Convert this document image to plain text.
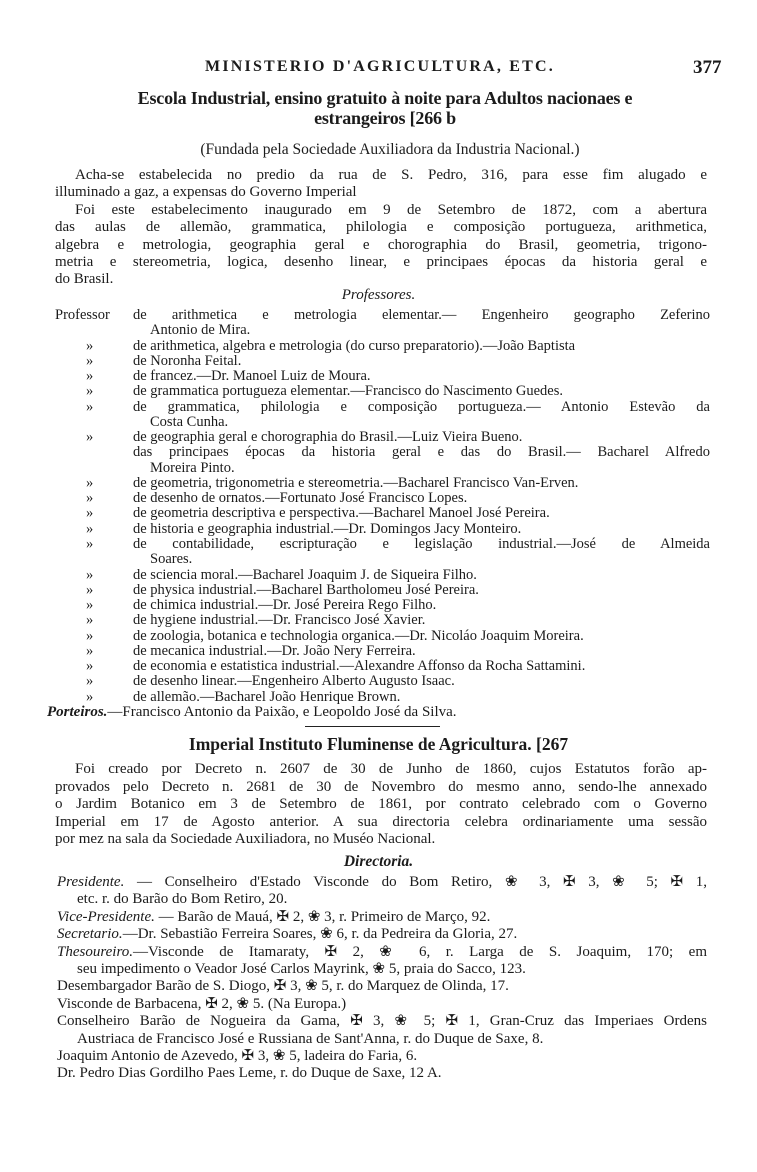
MINISTERIO D'AGRICULTURA, ETC.	377
Escola Industrial, ensino gratuito à noite para Adultos nacionaes e
estrangeiros [266 b
(Fundada pela Sociedade Auxiliadora da Industria Nacional.)
Acha-se estabelecida no predio da rua de S. Pedro, 316, para esse fim alugado e
illuminado a gaz, a expensas do Governo Imperial
Foi este estabelecimento inaugurado em 9 de Setembro de 1872, com a abertura
das aulas de allemão, grammatica, philologia e composição portugueza, arithmetica,
algebra e metrologia, geographia geral e chorographia do Brasil, geometria, trigono-
metria e stereometria, logica, desenho linear, e principaes épocas da historia geral e
do Brasil.
Professores.
Professor	de arithmetica e metrologia elementar.— Engenheiro geographo Zeferino
Antonio de Mira.
»	de arithmetica, algebra e metrologia (do curso preparatorio).—João Baptista
»	de Noronha Feital.
»	de francez.—Dr. Manoel Luiz de Moura.
»	de grammatica portugueza elementar.—Francisco do Nascimento Guedes.
»	de grammatica, philologia e composição portugueza.— Antonio Estevão da
Costa Cunha.
»	de geographia geral e chorographia do Brasil.—Luiz Vieira Bueno.
das principaes épocas da historia geral e das do Brasil.— Bacharel Alfredo
Moreira Pinto.
»	de geometria, trigonometria e stereometria.—Bacharel Francisco Van-Erven.
»	de desenho de ornatos.—Fortunato José Francisco Lopes.
»	de geometria descriptiva e perspectiva.—Bacharel Manoel José Pereira.
»	de historia e geographia industrial.—Dr. Domingos Jacy Monteiro.
»	de contabilidade, escripturação e legislação industrial.—José de Almeida
Soares.
»	de sciencia moral.—Bacharel Joaquim J. de Siqueira Filho.
»	de physica industrial.—Bacharel Bartholomeu José Pereira.
»	de chimica industrial.—Dr. José Pereira Rego Filho.
»	de hygiene industrial.—Dr. Francisco José Xavier.
»	de zoologia, botanica e technologia organica.—Dr. Nicoláo Joaquim Moreira.
»	de mecanica industrial.—Dr. João Nery Ferreira.
»	de economia e estatistica industrial.—Alexandre Affonso da Rocha Sattamini.
»	de desenho linear.—Engenheiro Alberto Augusto Isaac.
»	de allemão.—Bacharel João Henrique Brown.
Porteiros.—Francisco Antonio da Paixão, e Leopoldo José da Silva.
Imperial Instituto Fluminense de Agricultura. [267
Foi creado por Decreto n. 2607 de 30 de Junho de 1860, cujos Estatutos forão ap-
provados pelo Decreto n. 2681 de 30 de Novembro do mesmo anno, sendo-lhe annexado
o Jardim Botanico em 3 de Setembro de 1861, por contrato celebrado com o Governo
Imperial em 17 de Agosto anterior. A sua directoria celebra ordinariamente uma sessão
por mez na sala da Sociedade Auxiliadora, no Muséo Nacional.
Directoria.
Presidente. — Conselheiro d'Estado Visconde do Bom Retiro, ❀ 3, ✠ 3, ❀ 5; ✠ 1,
etc. r. do Barão do Bom Retiro, 20.
Vice-Presidente. — Barão de Mauá, ✠ 2, ❀ 3, r. Primeiro de Março, 92.
Secretario.—Dr. Sebastião Ferreira Soares, ❀ 6, r. da Pedreira da Gloria, 27.
Thesoureiro.—Visconde de Itamaraty, ✠ 2, ❀ 6, r. Larga de S. Joaquim, 170; em
seu impedimento o Veador José Carlos Mayrink, ❀ 5, praia do Sacco, 123.
Desembargador Barão de S. Diogo, ✠ 3, ❀ 5, r. do Marquez de Olinda, 17.
Visconde de Barbacena, ✠ 2, ❀ 5. (Na Europa.)
Conselheiro Barão de Nogueira da Gama, ✠ 3, ❀ 5; ✠ 1, Gran-Cruz das Imperiaes Ordens
Austriaca de Francisco José e Russiana de Sant'Anna, r. do Duque de Saxe, 8.
Joaquim Antonio de Azevedo, ✠ 3, ❀ 5, ladeira do Faria, 6.
Dr. Pedro Dias Gordilho Paes Leme, r. do Duque de Saxe, 12 A.
